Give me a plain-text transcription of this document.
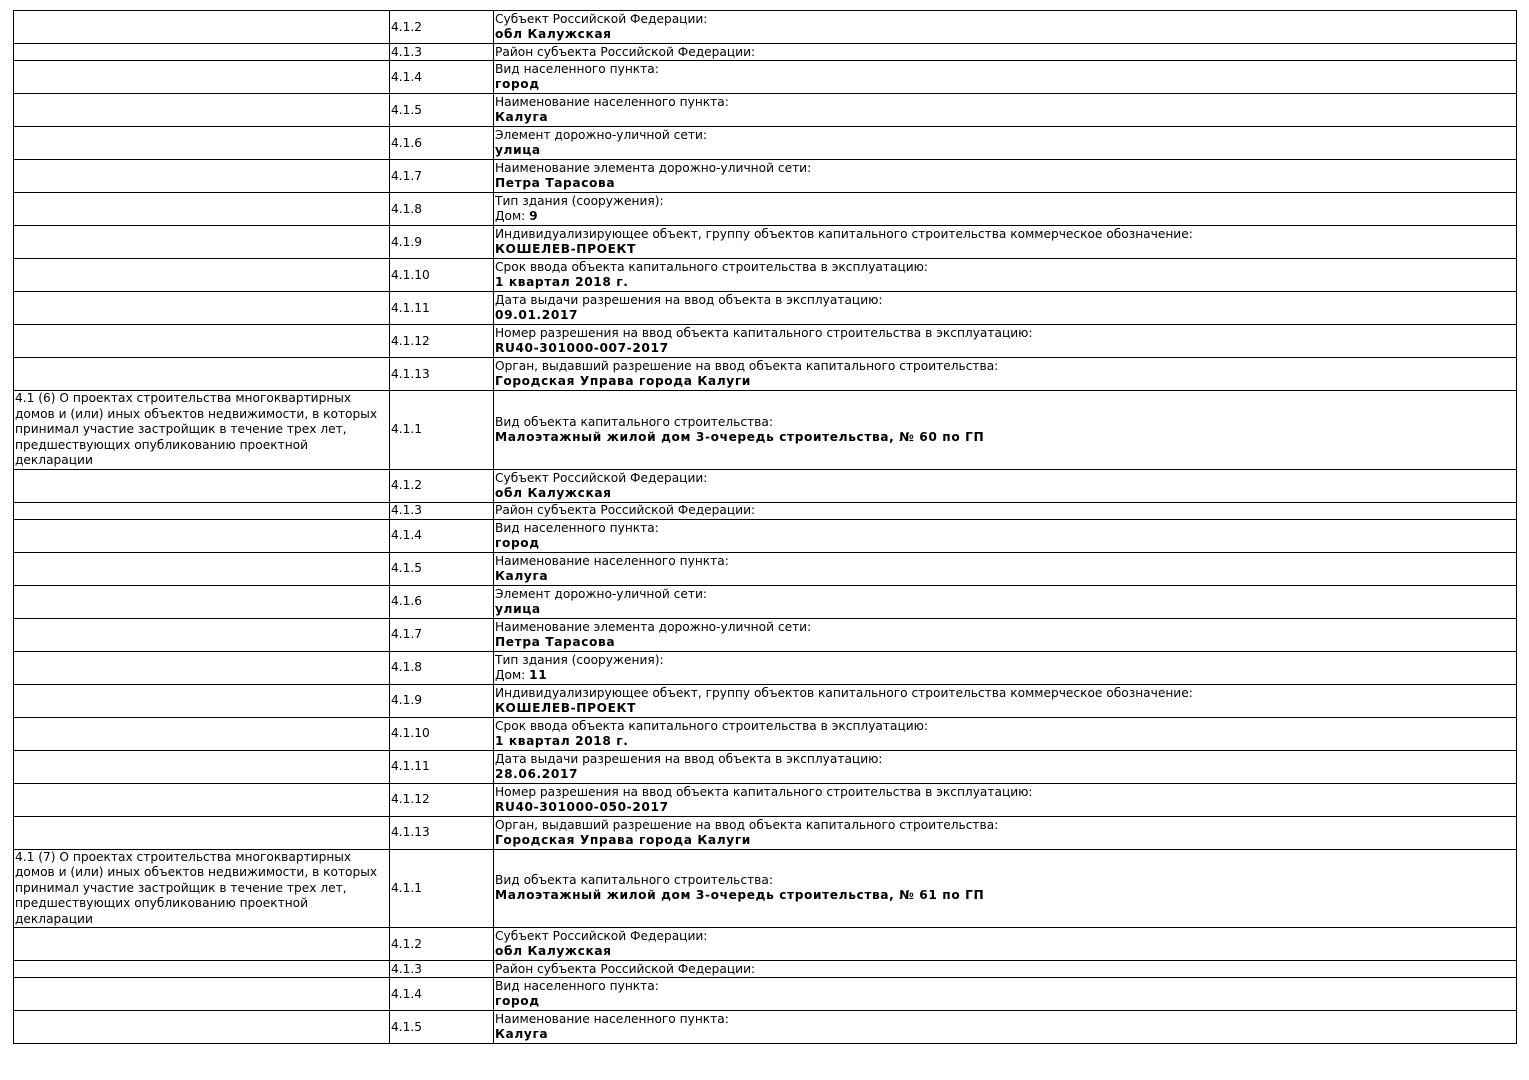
	4.1.2	Субъект Российской Федерации:
обл Калужская

	4.1.3	Район субъекта Российской Федерации:

	4.1.4	Вид населенного пункта:
город

	4.1.5	Наименование населенного пункта:
Калуга

	4.1.6	Элемент дорожно-уличной сети:
улица

	4.1.7	Наименование элемента дорожно-уличной сети:
Петра Тарасова

	4.1.8	Тип здания (сооружения):
Дом: 9

	4.1.9	Индивидуализирующее объект, группу объектов капитального строительства коммерческое обозначение:
КОШЕЛЕВ-ПРОЕКТ

	4.1.10	Срок ввода объекта капитального строительства в эксплуатацию:
1 квартал 2018 г.

	4.1.11	Дата выдачи разрешения на ввод объекта в эксплуатацию:
09.01.2017

	4.1.12	Номер разрешения на ввод объекта капитального строительства в эксплуатацию:
RU40-301000-007-2017

	4.1.13	Орган, выдавший разрешение на ввод объекта капитального строительства:
Городская Управа города Калуги

4.1 (6) О проектах строительства многоквартирных домов и (или) иных объектов недвижимости, в которых принимал участие застройщик в течение трех лет, предшествующих опубликованию проектной декларации	4.1.1	Вид объекта капитального строительства:
Малоэтажный жилой дом 3-очередь строительства, № 60 по ГП

	4.1.2	Субъект Российской Федерации:
обл Калужская

	4.1.3	Район субъекта Российской Федерации:

	4.1.4	Вид населенного пункта:
город

	4.1.5	Наименование населенного пункта:
Калуга

	4.1.6	Элемент дорожно-уличной сети:
улица

	4.1.7	Наименование элемента дорожно-уличной сети:
Петра Тарасова

	4.1.8	Тип здания (сооружения):
Дом: 11

	4.1.9	Индивидуализирующее объект, группу объектов капитального строительства коммерческое обозначение:
КОШЕЛЕВ-ПРОЕКТ

	4.1.10	Срок ввода объекта капитального строительства в эксплуатацию:
1 квартал 2018 г.

	4.1.11	Дата выдачи разрешения на ввод объекта в эксплуатацию:
28.06.2017

	4.1.12	Номер разрешения на ввод объекта капитального строительства в эксплуатацию:
RU40-301000-050-2017

	4.1.13	Орган, выдавший разрешение на ввод объекта капитального строительства:
Городская Управа города Калуги

4.1 (7) О проектах строительства многоквартирных домов и (или) иных объектов недвижимости, в которых принимал участие застройщик в течение трех лет, предшествующих опубликованию проектной декларации	4.1.1	Вид объекта капитального строительства:
Малоэтажный жилой дом 3-очередь строительства, № 61 по ГП

	4.1.2	Субъект Российской Федерации:
обл Калужская

	4.1.3	Район субъекта Российской Федерации:

	4.1.4	Вид населенного пункта:
город

	4.1.5	Наименование населенного пункта:
Калуга
